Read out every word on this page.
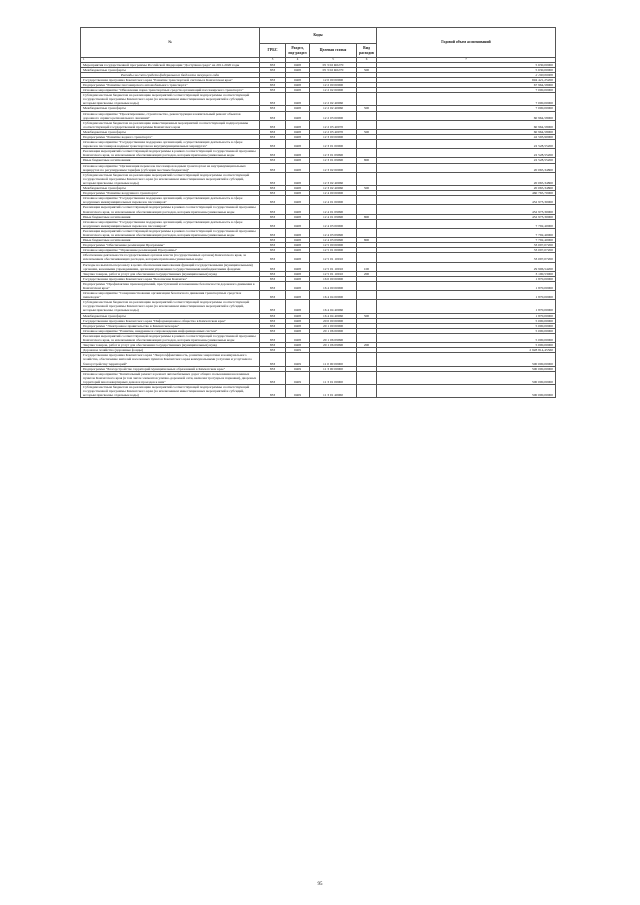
№	Коды				Годовой объем ассигнований
	ГРБС	Раздел, под-раздел	Целевая статья	Вид расходов	
1	3	4	5	6	7
Мероприятия государственной программы Российской Федерации "Доступная среда" на 2011-2020 годы	833	0408	05 3 02 R0270		5 630,00000
Межбюджетные трансферты	833	0408	05 3 02 R0270	500	5 630,00000
Расходы за счет средств федерального бюджета текущего года					2 100,00000
Государственная программа Камчатского края "Развитие транспортной системы в Камчатском крае"	833	0408	12 0 00 00000		694 421,25200
Подпрограмма "Развитие пассажирского автомобильного транспорта"	833	0408	12 2 00 00000		67 964,58000
Основное мероприятие "Обновление парка транспортных средств организаций пассажирского транспорта"	833	0408	12 2 02 00000		7 000,00000
Субсидии местным бюджетам на реализацию мероприятий соответствующей подпрограммы соответствующей государственной программы Камчатского края (за исключением инвестиционных мероприятий и субсидий, которым присвоены отдельные коды)	833	0408	12 2 02 40060		7 000,00000
Межбюджетные трансферты	833	0408	12 2 02 40060	500	7 000,00000
Основное мероприятие "Проектирование, строительство, реконструкция и капитальный ремонт объектов дорожного сервиса регионального значения"	833	0408	12 2 03 00000		60 964,58000
Субсидии местным бюджетам на реализацию инвестиционных мероприятий соответствующей подпрограммы соответствующей государственной программы Камчатского края	833	0408	12 2 03 40070		60 964,58000
Межбюджетные трансферты	833	0408	12 2 03 40070	500	60 964,58000
Подпрограмма "Развитие водного транспорта"	833	0408	12 3 00 00000		42 593,90000
Основное мероприятие "Государственная поддержка организаций, осуществляющих деятельность в сфере перевозок пассажиров водным транспортом на внутримуниципальных маршрутах"	833	0408	12 3 01 00000		22 528,55200
Реализация мероприятий соответствующей подпрограммы в рамках соответствующей государственной программы Камчатского края, за исключением обеспечивающих расходов, которым присвоены уникальные коды	833	0408	12 3 01 09990		22 528,55200
Иные бюджетные ассигнования	833	0408	12 3 01 09990	800	22 528,55200
Основное мероприятие "Организация перевозок пассажиров водным транспортом на внутримуниципальных маршрутах по регулируемым тарифам (субсидии местным бюджетам)"	833	0408	12 3 02 00000		20 065,34800
Субсидии местным бюджетам на реализацию мероприятий соответствующей подпрограммы соответствующей государственной программы Камчатского края (за исключением инвестиционных мероприятий и субсидий, которым присвоены отдельные коды)	833	0408	12 3 02 40060		20 065,34800
Межбюджетные трансферты	833	0408	12 3 02 40060	500	20 065,34800
Подпрограмма "Развитие воздушного транспорта"	833	0408	12 4 00 00000		460 765,70000
Основное мероприятие "Государственная поддержка организаций, осуществляющих деятельность в сфере воздушных межмуниципальных перевозок пассажиров"	833	0408	12 4 01 00000		452 973,30000
Реализация мероприятий соответствующей подпрограммы в рамках соответствующей государственной программы Камчатского края, за исключением обеспечивающих расходов, которым присвоены уникальные коды	833	0408	12 4 01 09990		452 973,30000
Иные бюджетные ассигнования	833	0408	12 4 01 09990	800	452 973,30000
Основное мероприятие "Государственная поддержка организаций, осуществляющих деятельность в сфере воздушных межмуниципальных перевозок пассажиров"	833	0408	12 4 03 00000		7 792,40000
Реализация мероприятий соответствующей подпрограммы в рамках соответствующей государственной программы Камчатского края, за исключением обеспечивающих расходов, которым присвоены уникальные коды	833	0408	12 4 03 09990		7 792,40000
Иные бюджетные ассигнования	833	0408	12 4 03 09990	800	7 792,40000
Подпрограмма "Обеспечение реализации Программы"	833	0408	12 5 00 00000		33 097,07200
Основное мероприятие "Управление реализацией Программы"	833	0408	12 5 01 00000		33 097,07200
Обеспечение деятельности государственных органов власти (государственных органов) Камчатского края, за исключением обеспечивающих расходов, которым присвоены уникальные коды	833	0408	12 5 01 10010		33 097,07200
Расходы на выплаты персоналу в целях обеспечения выполнения функций государственными (муниципальными) органами, казенными учреждениями, органами управления государственными внебюджетными фондами	833	0408	12 5 01 10010	100	29 906,54200
Закупка товаров, работ и услуг для обеспечения государственных (муниципальных) нужд	833	0408	12 5 01 10010	200	3 190,53000
Государственная программа Камчатского края "Безопасная Камчатка"	833	0408	16 0 00 00000		1 870,00000
Подпрограмма "Профилактика правонарушений, преступлений и повышение безопасности дорожного движения в Камчатском крае"	833	0408	16 4 00 00000		1 870,00000
Основное мероприятие "Совершенствование организации безопасного движения транспортных средств и пешеходов"	833	0408	16 4 04 00000		1 870,00000
Субсидии местным бюджетам на реализацию мероприятий соответствующей подпрограммы соответствующей государственной программы Камчатского края (за исключением инвестиционных мероприятий и субсидий, которым присвоены отдельные коды)	833	0408	16 4 04 40060		1 870,00000
Межбюджетные трансферты	833	0408	16 4 04 40060	500	1 870,00000
Государственная программа Камчатского края "Информационное общество в Камчатском крае"	833	0408	20 0 00 00000		5 000,00000
Подпрограмма "Электронное правительство в Камчатском крае"	833	0408	20 1 00 00000		5 000,00000
Основное мероприятие "Развитие, внедрение и сопровождение информационных систем"	833	0408	20 1 06 00000		5 000,00000
Реализация мероприятий соответствующей подпрограммы в рамках соответствующей государственной программы Камчатского края, за исключением обеспечивающих расходов, которым присвоены уникальные коды	833	0408	20 1 06 09990		5 000,00000
Закупка товаров, работ и услуг для обеспечения государственных (муниципальных) нужд	833	0408	20 1 06 09990	200	5 000,00000
Дорожное хозяйство (дорожные фонды)	833	0409			2 928 814,45560
Государственная программа Камчатского края "Энергоэффективность, развитие энергетики и коммунального хозяйства, обеспечение жителей населенных пунктов Камчатского края коммунальными услугами и услугами по благоустройству территорий"	833	0409	11 0 00 00000		500 000,00000
Подпрограмма "Благоустройство территорий муниципальных образований в Камчатском крае"	833	0409	11 3 00 00000		500 000,00000
Основное мероприятие "Капитальный ремонт и ремонт автомобильных дорог общего пользования населенных пунктов Камчатского края (в том числе элементов улично-дорожной сети, включая тротуары и парковки), дворовых территорий многоквартирных домов и проездов к ним"	833	0409	11 3 01 00000		500 000,00000
Субсидии местным бюджетам на реализацию мероприятий соответствующей подпрограммы соответствующей государственной программы Камчатского края (за исключением инвестиционных мероприятий и субсидий, которым присвоены отдельные коды)	833	0409	11 3 01 40060		500 000,00000
95
